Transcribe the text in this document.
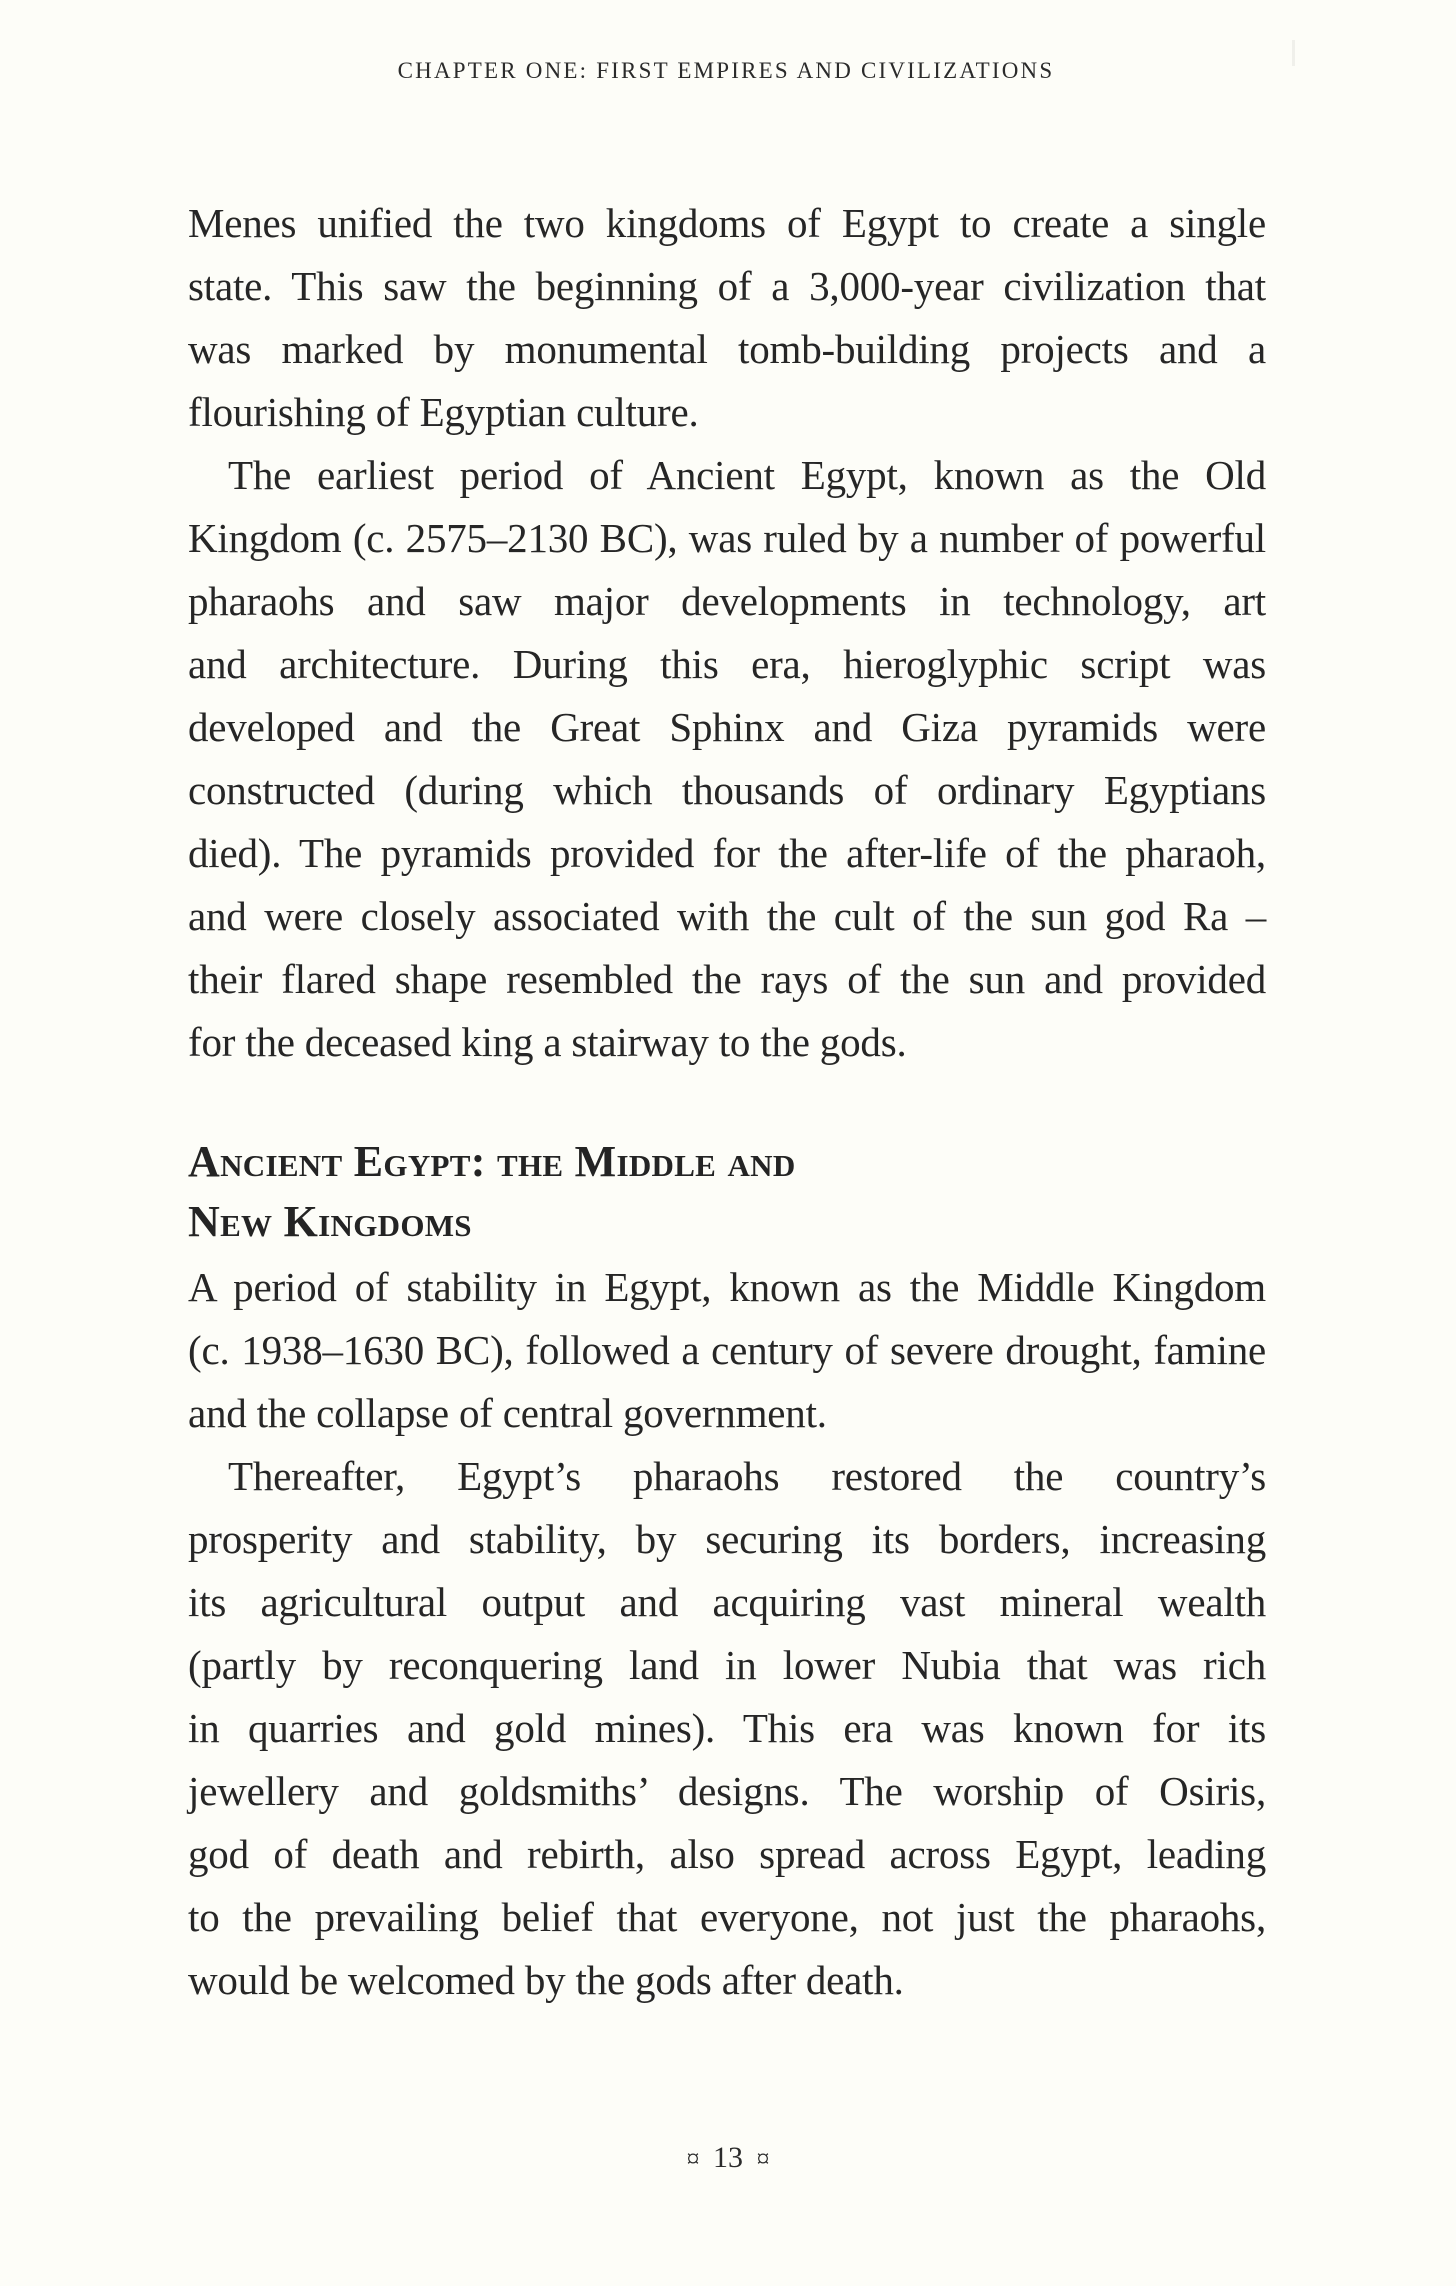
CHAPTER ONE: FIRST EMPIRES AND CIVILIZATIONS
Menes unified the two kingdoms of Egypt to create a single
state. This saw the beginning of a 3,000-year civilization that
was marked by monumental tomb-building projects and a
flourishing of Egyptian culture.
The earliest period of Ancient Egypt, known as the Old
Kingdom (c. 2575–2130 BC), was ruled by a number of powerful
pharaohs and saw major developments in technology, art
and architecture. During this era, hieroglyphic script was
developed and the Great Sphinx and Giza pyramids were
constructed (during which thousands of ordinary Egyptians
died). The pyramids provided for the after-life of the pharaoh,
and were closely associated with the cult of the sun god Ra –
their flared shape resembled the rays of the sun and provided
for the deceased king a stairway to the gods.
Ancient Egypt: the Middle and
New Kingdoms
A period of stability in Egypt, known as the Middle Kingdom
(c. 1938–1630 BC), followed a century of severe drought, famine
and the collapse of central government.
Thereafter, Egypt’s pharaohs restored the country’s
prosperity and stability, by securing its borders, increasing
its agricultural output and acquiring vast mineral wealth
(partly by reconquering land in lower Nubia that was rich
in quarries and gold mines). This era was known for its
jewellery and goldsmiths’ designs. The worship of Osiris,
god of death and rebirth, also spread across Egypt, leading
to the prevailing belief that everyone, not just the pharaohs,
would be welcomed by the gods after death.
¤ 13 ¤
